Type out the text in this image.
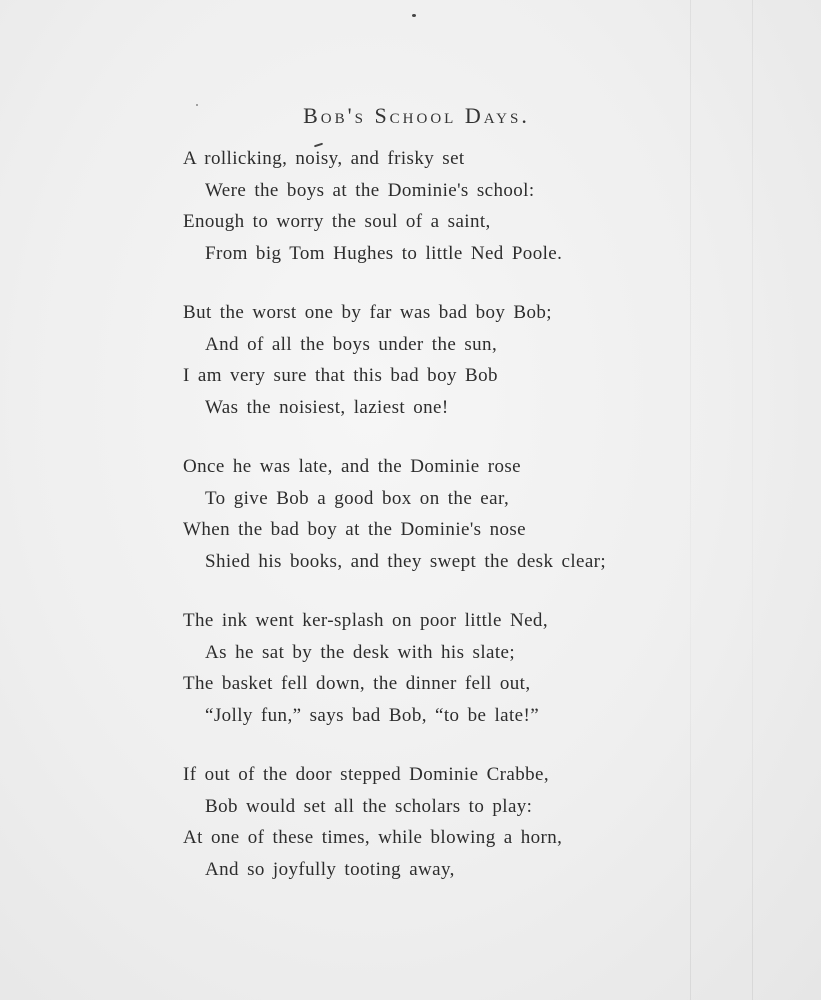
Bob's School Days.
A rollicking, noisy, and frisky set
Were the boys at the Dominie's school:
Enough to worry the soul of a saint,
From big Tom Hughes to little Ned Poole.
But the worst one by far was bad boy Bob;
And of all the boys under the sun,
I am very sure that this bad boy Bob
Was the noisiest, laziest one!
Once he was late, and the Dominie rose
To give Bob a good box on the ear,
When the bad boy at the Dominie's nose
Shied his books, and they swept the desk clear;
The ink went ker-splash on poor little Ned,
As he sat by the desk with his slate;
The basket fell down, the dinner fell out,
“Jolly fun,” says bad Bob, “to be late!”
If out of the door stepped Dominie Crabbe,
Bob would set all the scholars to play:
At one of these times, while blowing a horn,
And so joyfully tooting away,
